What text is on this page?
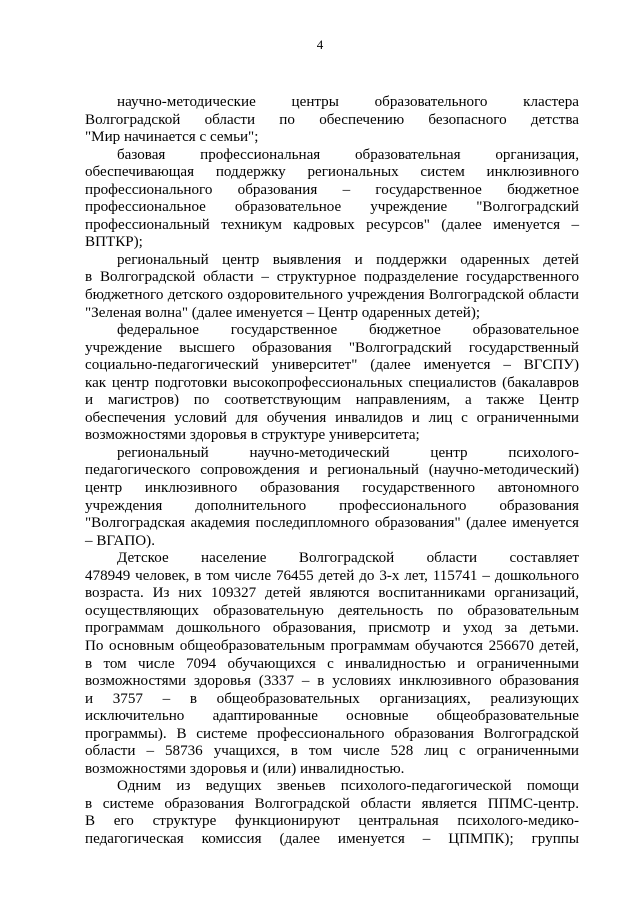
4
научно-методические центры образовательного кластера
Волгоградской области по обеспечению безопасного детства
"Мир начинается с семьи";
базовая профессиональная образовательная организация,
обеспечивающая поддержку региональных систем инклюзивного
профессионального образования – государственное бюджетное
профессиональное образовательное учреждение "Волгоградский
профессиональный техникум кадровых ресурсов" (далее именуется –
ВПТКР);
региональный центр выявления и поддержки одаренных детей
в Волгоградской области – структурное подразделение государственного
бюджетного детского оздоровительного учреждения Волгоградской области
"Зеленая волна" (далее именуется – Центр одаренных детей);
федеральное государственное бюджетное образовательное
учреждение высшего образования "Волгоградский государственный
социально-педагогический университет" (далее именуется – ВГСПУ)
как центр подготовки высокопрофессиональных специалистов (бакалавров
и магистров) по соответствующим направлениям, а также Центр
обеспечения условий для обучения инвалидов и лиц с ограниченными
возможностями здоровья в структуре университета;
региональный научно-методический центр психолого-
педагогического сопровождения и региональный (научно-методический)
центр инклюзивного образования государственного автономного
учреждения дополнительного профессионального образования
"Волгоградская академия последипломного образования" (далее именуется
– ВГАПО).
Детское население Волгоградской области составляет
478949 человек, в том числе 76455 детей до 3-х лет, 115741 – дошкольного
возраста. Из них 109327 детей являются воспитанниками организаций,
осуществляющих образовательную деятельность по образовательным
программам дошкольного образования, присмотр и уход за детьми.
По основным общеобразовательным программам обучаются 256670 детей,
в том числе 7094 обучающихся с инвалидностью и ограниченными
возможностями здоровья (3337 – в условиях инклюзивного образования
и 3757 – в общеобразовательных организациях, реализующих
исключительно адаптированные основные общеобразовательные
программы). В системе профессионального образования Волгоградской
области – 58736 учащихся, в том числе 528 лиц с ограниченными
возможностями здоровья и (или) инвалидностью.
Одним из ведущих звеньев психолого-педагогической помощи
в системе образования Волгоградской области является ППМС-центр.
В его структуре функционируют центральная психолого-медико-
педагогическая комиссия (далее именуется – ЦПМПК); группы
